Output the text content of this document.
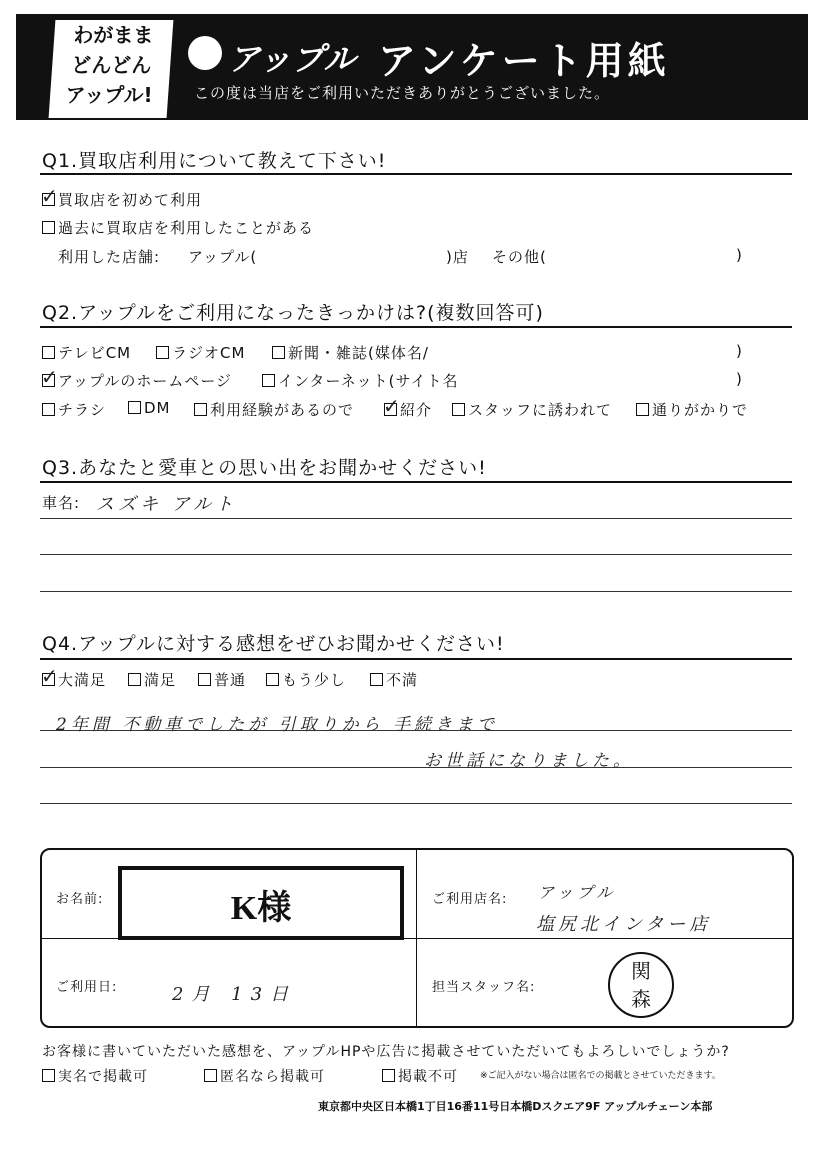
わがまま
どんどん
アップル!
アップル アンケート用紙
この度は当店をご利用いただきありがとうございました。
Q1.買取店利用について教えて下さい!
✓ 買取店を初めて利用
過去に買取店を利用したことがある
利用した店舗: アップル(	)店 その他(	)
Q2.アップルをご利用になったきっかけは?(複数回答可)
テレビCM	ラジオCM	新聞・雑誌(媒体名/	)
✓ アップルのホームページ	インターネット(サイト名	)
チラシ	DM	利用経験があるので ✓ 紹介	スタッフに誘われて	通りがかりで
Q3.あなたと愛車との思い出をお聞かせください!
車名: スズキ アルト
Q4.アップルに対する感想をぜひお聞かせください!
✓ 大満足	満足	普通	もう少し	不満
2年間 不動車でしたが 引取りから 手続きまで
お世話になりました。
お名前:	K様	ご利用店名: アップル
塩尻北インター店
ご利用日:	2月 13日	担当スタッフ名:
関 森
お客様に書いていただいた感想を、アップルHPや広告に掲載させていただいてもよろしいでしょうか?
実名で掲載可	匿名なら掲載可	掲載不可 ※ご記入がない場合は匿名での掲載とさせていただきます。
東京都中央区日本橋1丁目16番11号日本橋Dスクエア9F アップルチェーン本部
